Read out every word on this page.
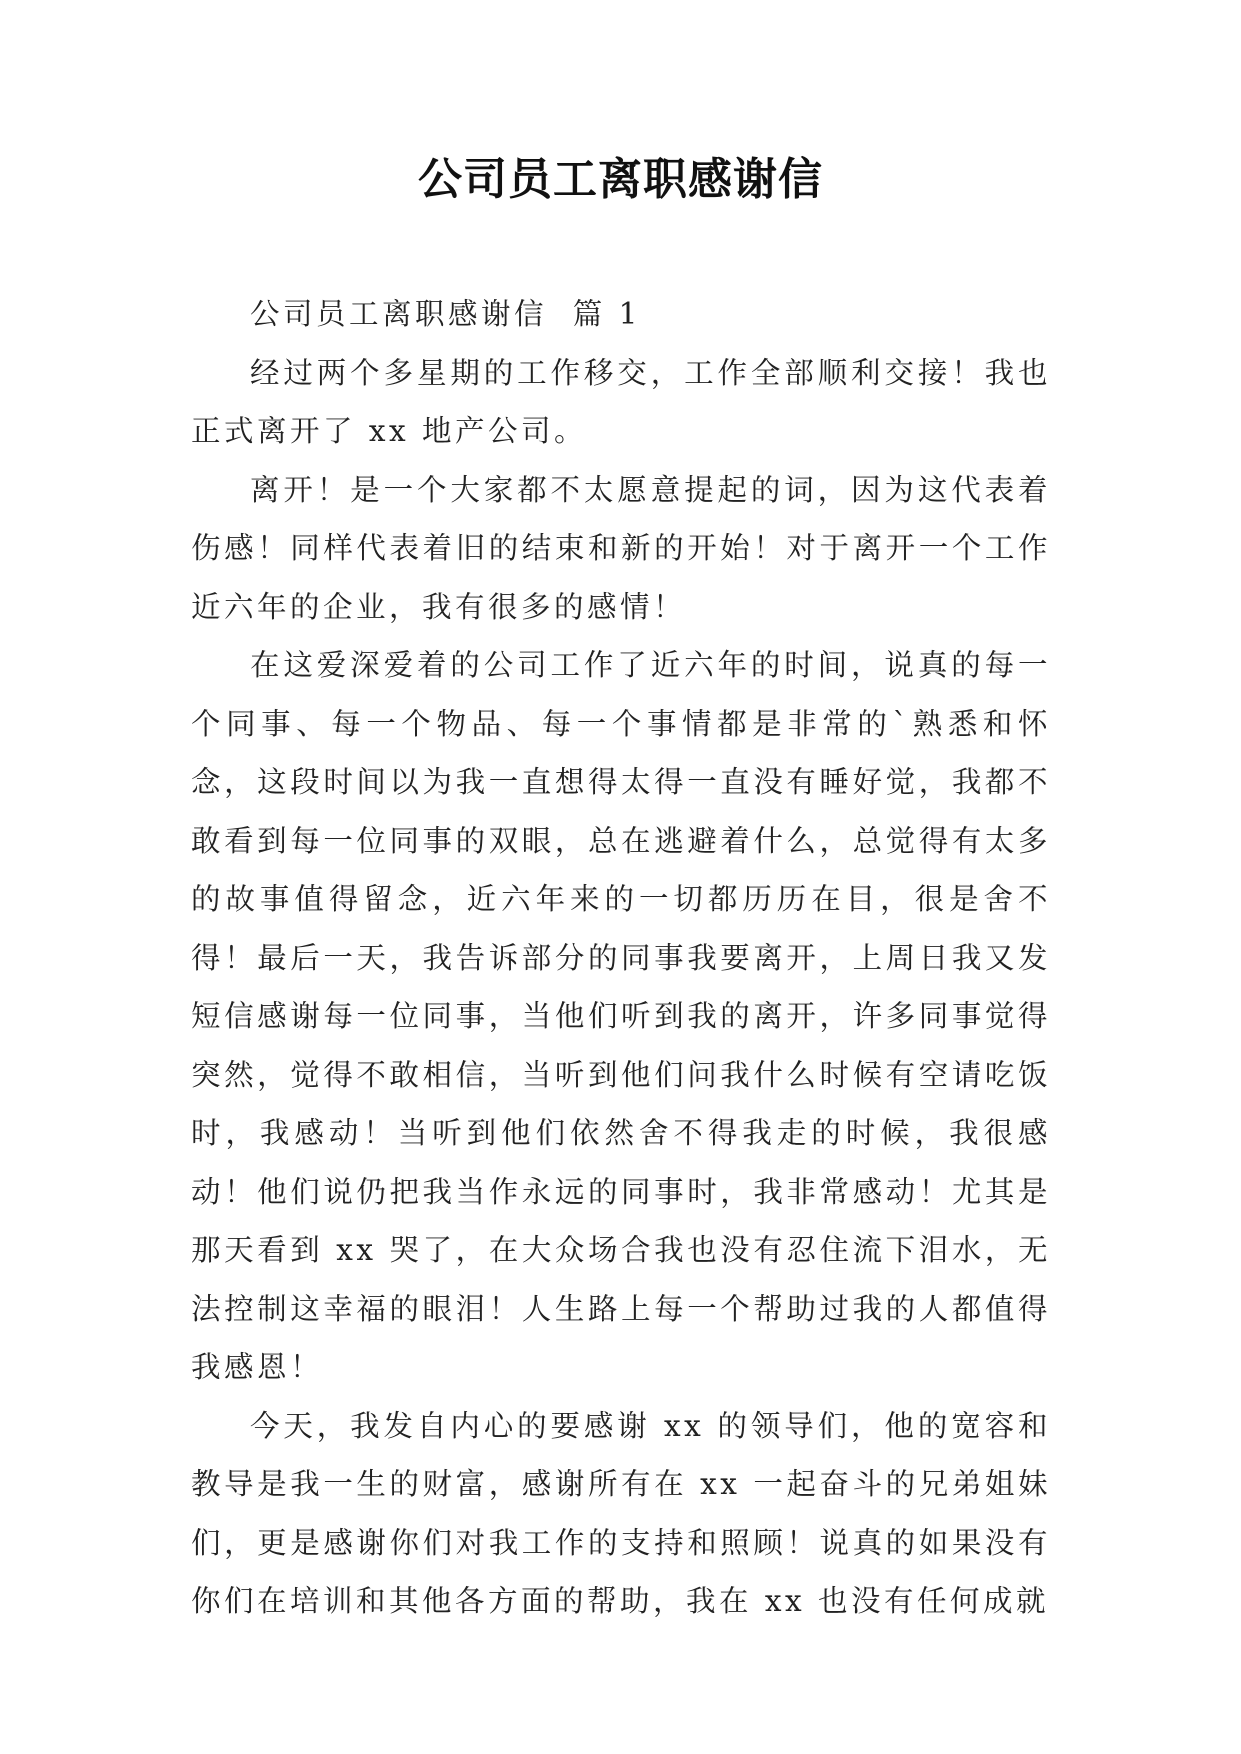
公司员工离职感谢信

公司员工离职感谢信  篇 1

经过两个多星期的工作移交，工作全部顺利交接！我也正式离开了 xx 地产公司。

离开！是一个大家都不太愿意提起的词，因为这代表着伤感！同样代表着旧的结束和新的开始！对于离开一个工作近六年的企业，我有很多的感情！

在这爱深爱着的公司工作了近六年的时间，说真的每一个同事、每一个物品、每一个事情都是非常的`熟悉和怀念，这段时间以为我一直想得太得一直没有睡好觉，我都不敢看到每一位同事的双眼，总在逃避着什么，总觉得有太多的故事值得留念，近六年来的一切都历历在目，很是舍不得！最后一天，我告诉部分的同事我要离开，上周日我又发短信感谢每一位同事，当他们听到我的离开，许多同事觉得突然，觉得不敢相信，当听到他们问我什么时候有空请吃饭时，我感动！当听到他们依然舍不得我走的时候，我很感动！他们说仍把我当作永远的同事时，我非常感动！尤其是那天看到 xx 哭了，在大众场合我也没有忍住流下泪水，无法控制这幸福的眼泪！人生路上每一个帮助过我的人都值得我感恩！

今天，我发自内心的要感谢 xx 的领导们，他的宽容和教导是我一生的财富，感谢所有在 xx 一起奋斗的兄弟姐妹们，更是感谢你们对我工作的支持和照顾！说真的如果没有你们在培训和其他各方面的帮助，我在 xx 也没有任何成就
